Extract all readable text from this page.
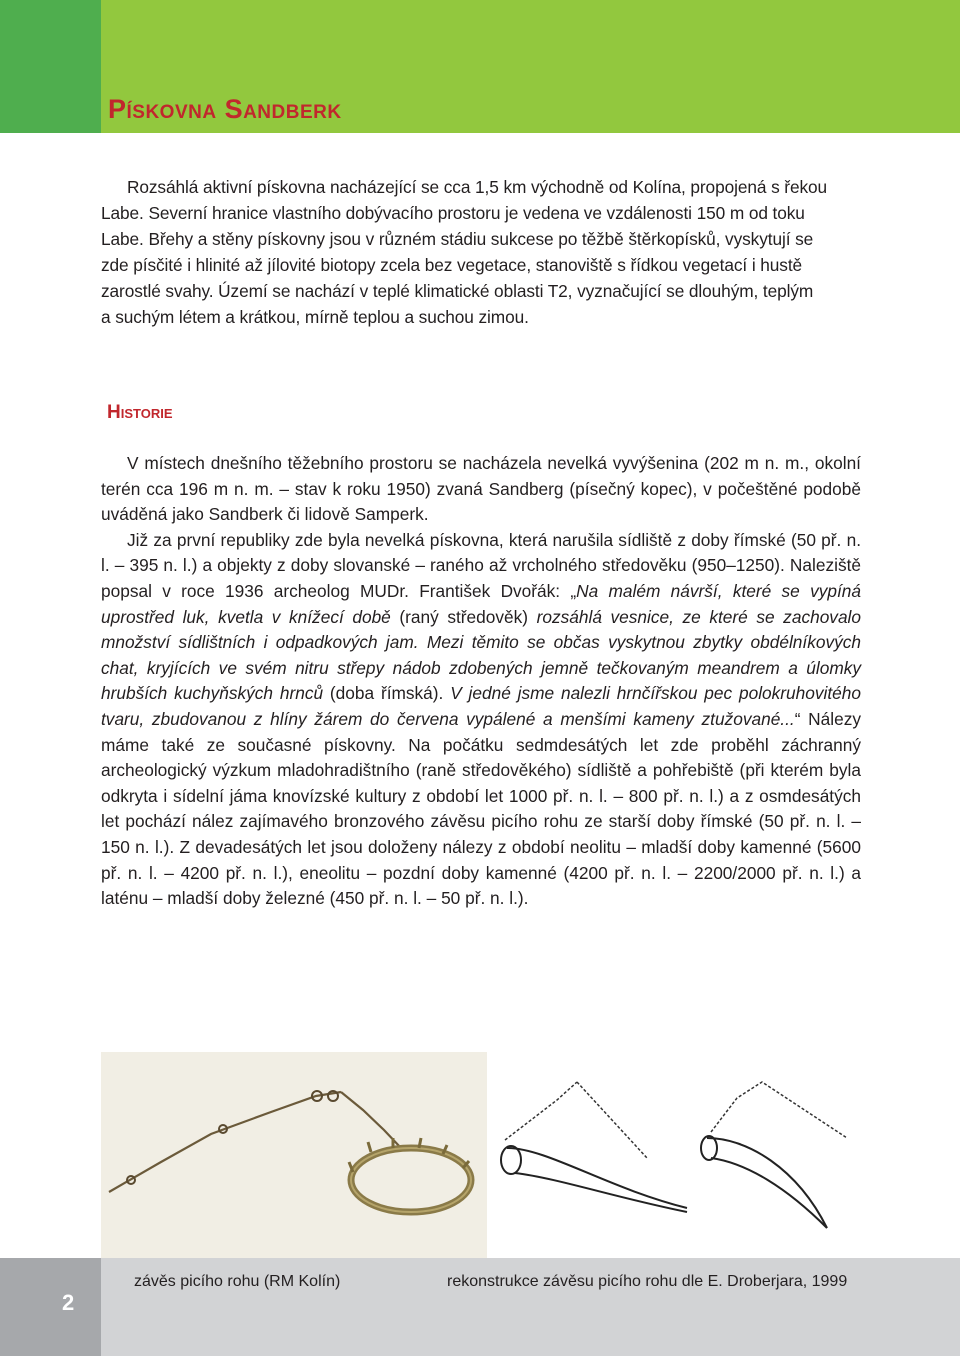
Pískovna Sandberk
Rozsáhlá aktivní pískovna nacházející se cca 1,5 km východně od Kolína, propojená s řekou
Labe. Severní hranice vlastního dobývacího prostoru je vedena ve vzdálenosti 150 m od toku
Labe. Břehy a stěny pískovny jsou v různém stádiu sukcese po těžbě štěrkopísků, vyskytují se
zde písčité i hlinité až jílovité biotopy zcela bez vegetace, stanoviště s řídkou vegetací i hustě
zarostlé svahy. Území se nachází v teplé klimatické oblasti T2, vyznačující se dlouhým, teplým
a suchým létem a krátkou, mírně teplou a suchou zimou.
Historie

V místech dnešního těžebního prostoru se nacházela nevelká vyvýšenina (202 m n. m., okolní terén cca 196 m n. m. – stav k roku 1950) zvaná Sandberg (písečný kopec), v počeštěné podobě uváděná jako Sandberk či lidově Samperk.

Již za první republiky zde byla nevelká pískovna, která narušila sídliště z doby římské (50 př. n. l. – 395 n. l.) a objekty z doby slovanské – raného až vrcholného středověku (950–1250). Naleziště popsal v roce 1936 archeolog MUDr. František Dvořák: „Na malém návrší, které se vypíná uprostřed luk, kvetla v knížecí době (raný středověk) rozsáhlá vesnice, ze které se zachovalo množství sídlištních i odpadkových jam. Mezi těmito se občas vyskytnou zbytky obdélníkových chat, kryjících ve svém nitru střepy nádob zdobených jemně tečkovaným meandrem a úlomky hrubších kuchyňských hrnců (doba římská). V jedné jsme nalezli hrnčířskou pec polokruhovitého tvaru, zbudovanou z hlíny žárem do červena vypálené a menšími kameny ztužované...“ Nálezy máme také ze současné pískovny. Na počátku sedmdesátých let zde proběhl záchranný archeologický výzkum mladohradištního (raně středověkého) sídliště a pohřebiště (při kterém byla odkryta i sídelní jáma knovízské kultury z období let 1000 př. n. l. – 800 př. n. l.) a z osmdesátých let pochází nález zajímavého bronzového závěsu picího rohu ze starší doby římské (50 př. n. l. – 150 n. l.). Z devadesátých let jsou doloženy nálezy z období neolitu – mladší doby kamenné (5600 př. n. l. – 4200 př. n. l.), eneolitu – pozdní doby kamenné (4200 př. n. l. – 2200/2000 př. n. l.) a laténu – mladší doby železné (450 př. n. l. – 50 př. n. l.).

2
závěs picího rohu (RM Kolín)	rekonstrukce závěsu picího rohu dle E. Droberjara, 1999
